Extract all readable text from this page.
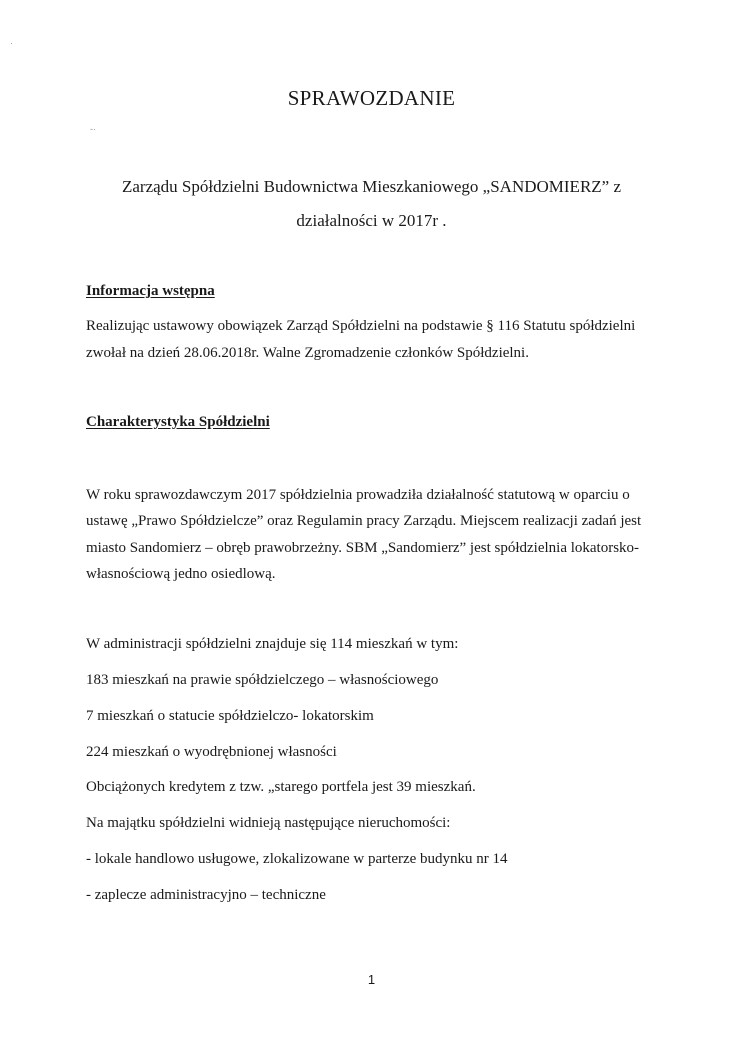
SPRAWOZDANIE
Zarządu Spółdzielni Budownictwa Mieszkaniowego „SANDOMIERZ” z
działalności w 2017r .
Informacja wstępna
Realizując ustawowy obowiązek Zarząd Spółdzielni na podstawie § 116 Statutu spółdzielni
zwołał na dzień 28.06.2018r. Walne Zgromadzenie członków Spółdzielni.
Charakterystyka Spółdzielni
W roku sprawozdawczym 2017 spółdzielnia prowadziła działalność statutową w oparciu o
ustawę „Prawo Spółdzielcze” oraz Regulamin pracy Zarządu. Miejscem realizacji zadań jest
miasto Sandomierz – obręb prawobrzeżny. SBM „Sandomierz” jest spółdzielnia lokatorsko-
własnościową jedno osiedlową.
W administracji spółdzielni znajduje się 114 mieszkań w tym:
183 mieszkań na prawie spółdzielczego – własnościowego
7 mieszkań o statucie spółdzielczo- lokatorskim
224 mieszkań o wyodrębnionej własności
Obciążonych kredytem z tzw. „starego portfela jest 39 mieszkań.
Na majątku spółdzielni widnieją następujące nieruchomości:
- lokale handlowo usługowe, zlokalizowane w parterze budynku nr 14
- zaplecze administracyjno – techniczne
1
·
-·
